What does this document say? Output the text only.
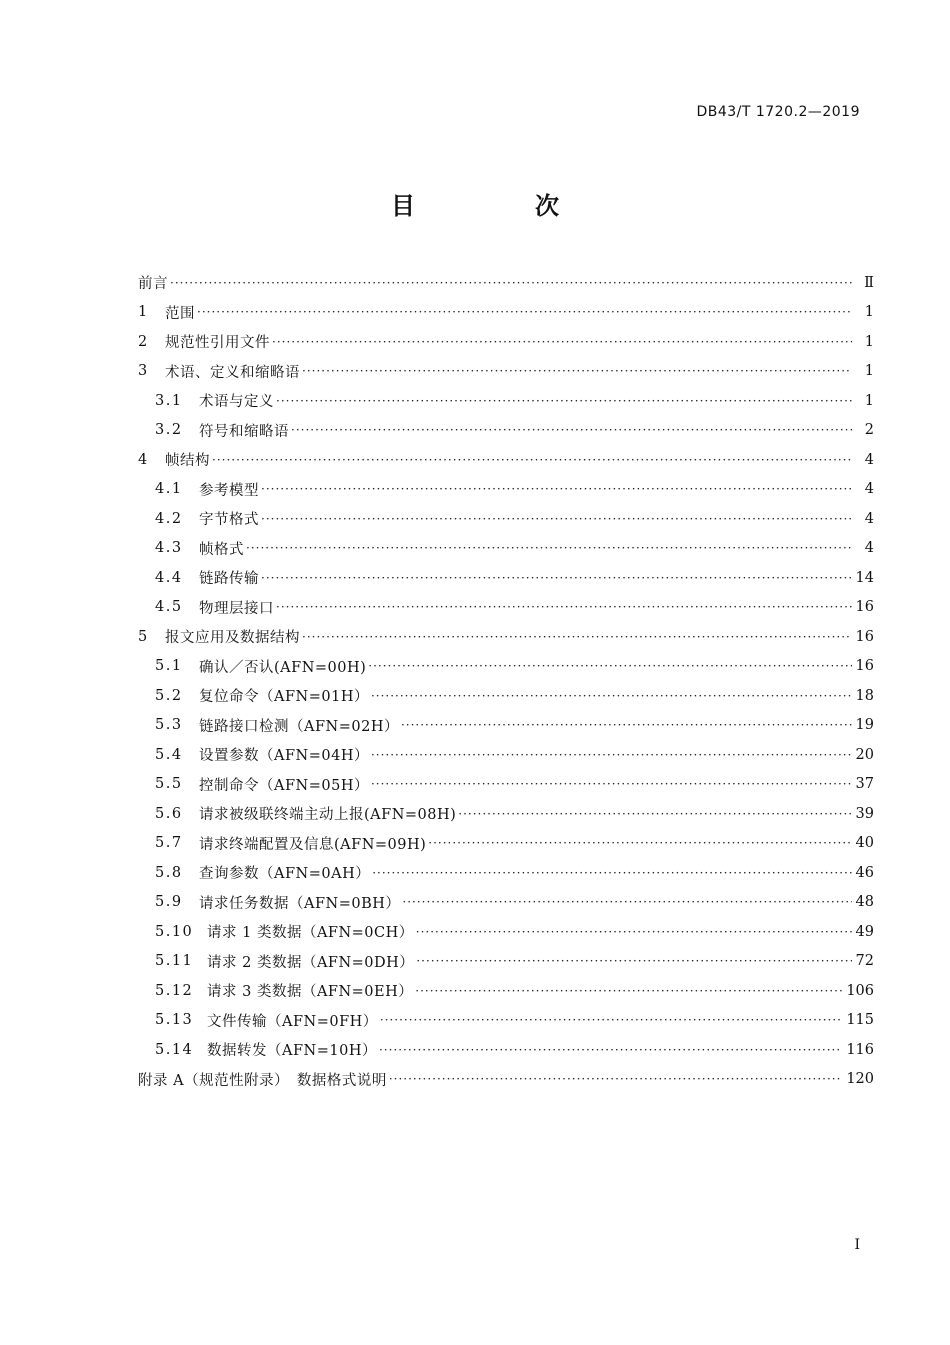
DB43/T 1720.2—2019
目　次
前言 ·····	Ⅱ
1	范围 ·····	1
2	规范性引用文件 ·····	1
3	术语、定义和缩略语 ·····	1
3.1	术语与定义 ·····	1
3.2	符号和缩略语 ·····	2
4	帧结构 ·····	4
4.1	参考模型 ·····	4
4.2	字节格式 ·····	4
4.3	帧格式 ·····	4
4.4	链路传输 ·····	14
4.5	物理层接口 ·····	16
5	报文应用及数据结构 ·····	16
5.1	确认／否认(AFN=00H) ·····	16
5.2	复位命令（AFN=01H） ·····	18
5.3	链路接口检测（AFN=02H） ·····	19
5.4	设置参数（AFN=04H） ·····	20
5.5	控制命令（AFN=05H） ·····	37
5.6	请求被级联终端主动上报(AFN=08H) ·····	39
5.7	请求终端配置及信息(AFN=09H) ·····	40
5.8	查询参数（AFN=0AH） ·····	46
5.9	请求任务数据（AFN=0BH） ·····	48
5.10 请求 1 类数据（AFN=0CH） ·····	49
5.11 请求 2 类数据（AFN=0DH） ·····	72
5.12 请求 3 类数据（AFN=0EH） ·····	106
5.13 文件传输（AFN=0FH） ·····	115
5.14 数据转发（AFN=10H） ·····	116
附录 A（规范性附录）　数据格式说明 ·····	120
I
